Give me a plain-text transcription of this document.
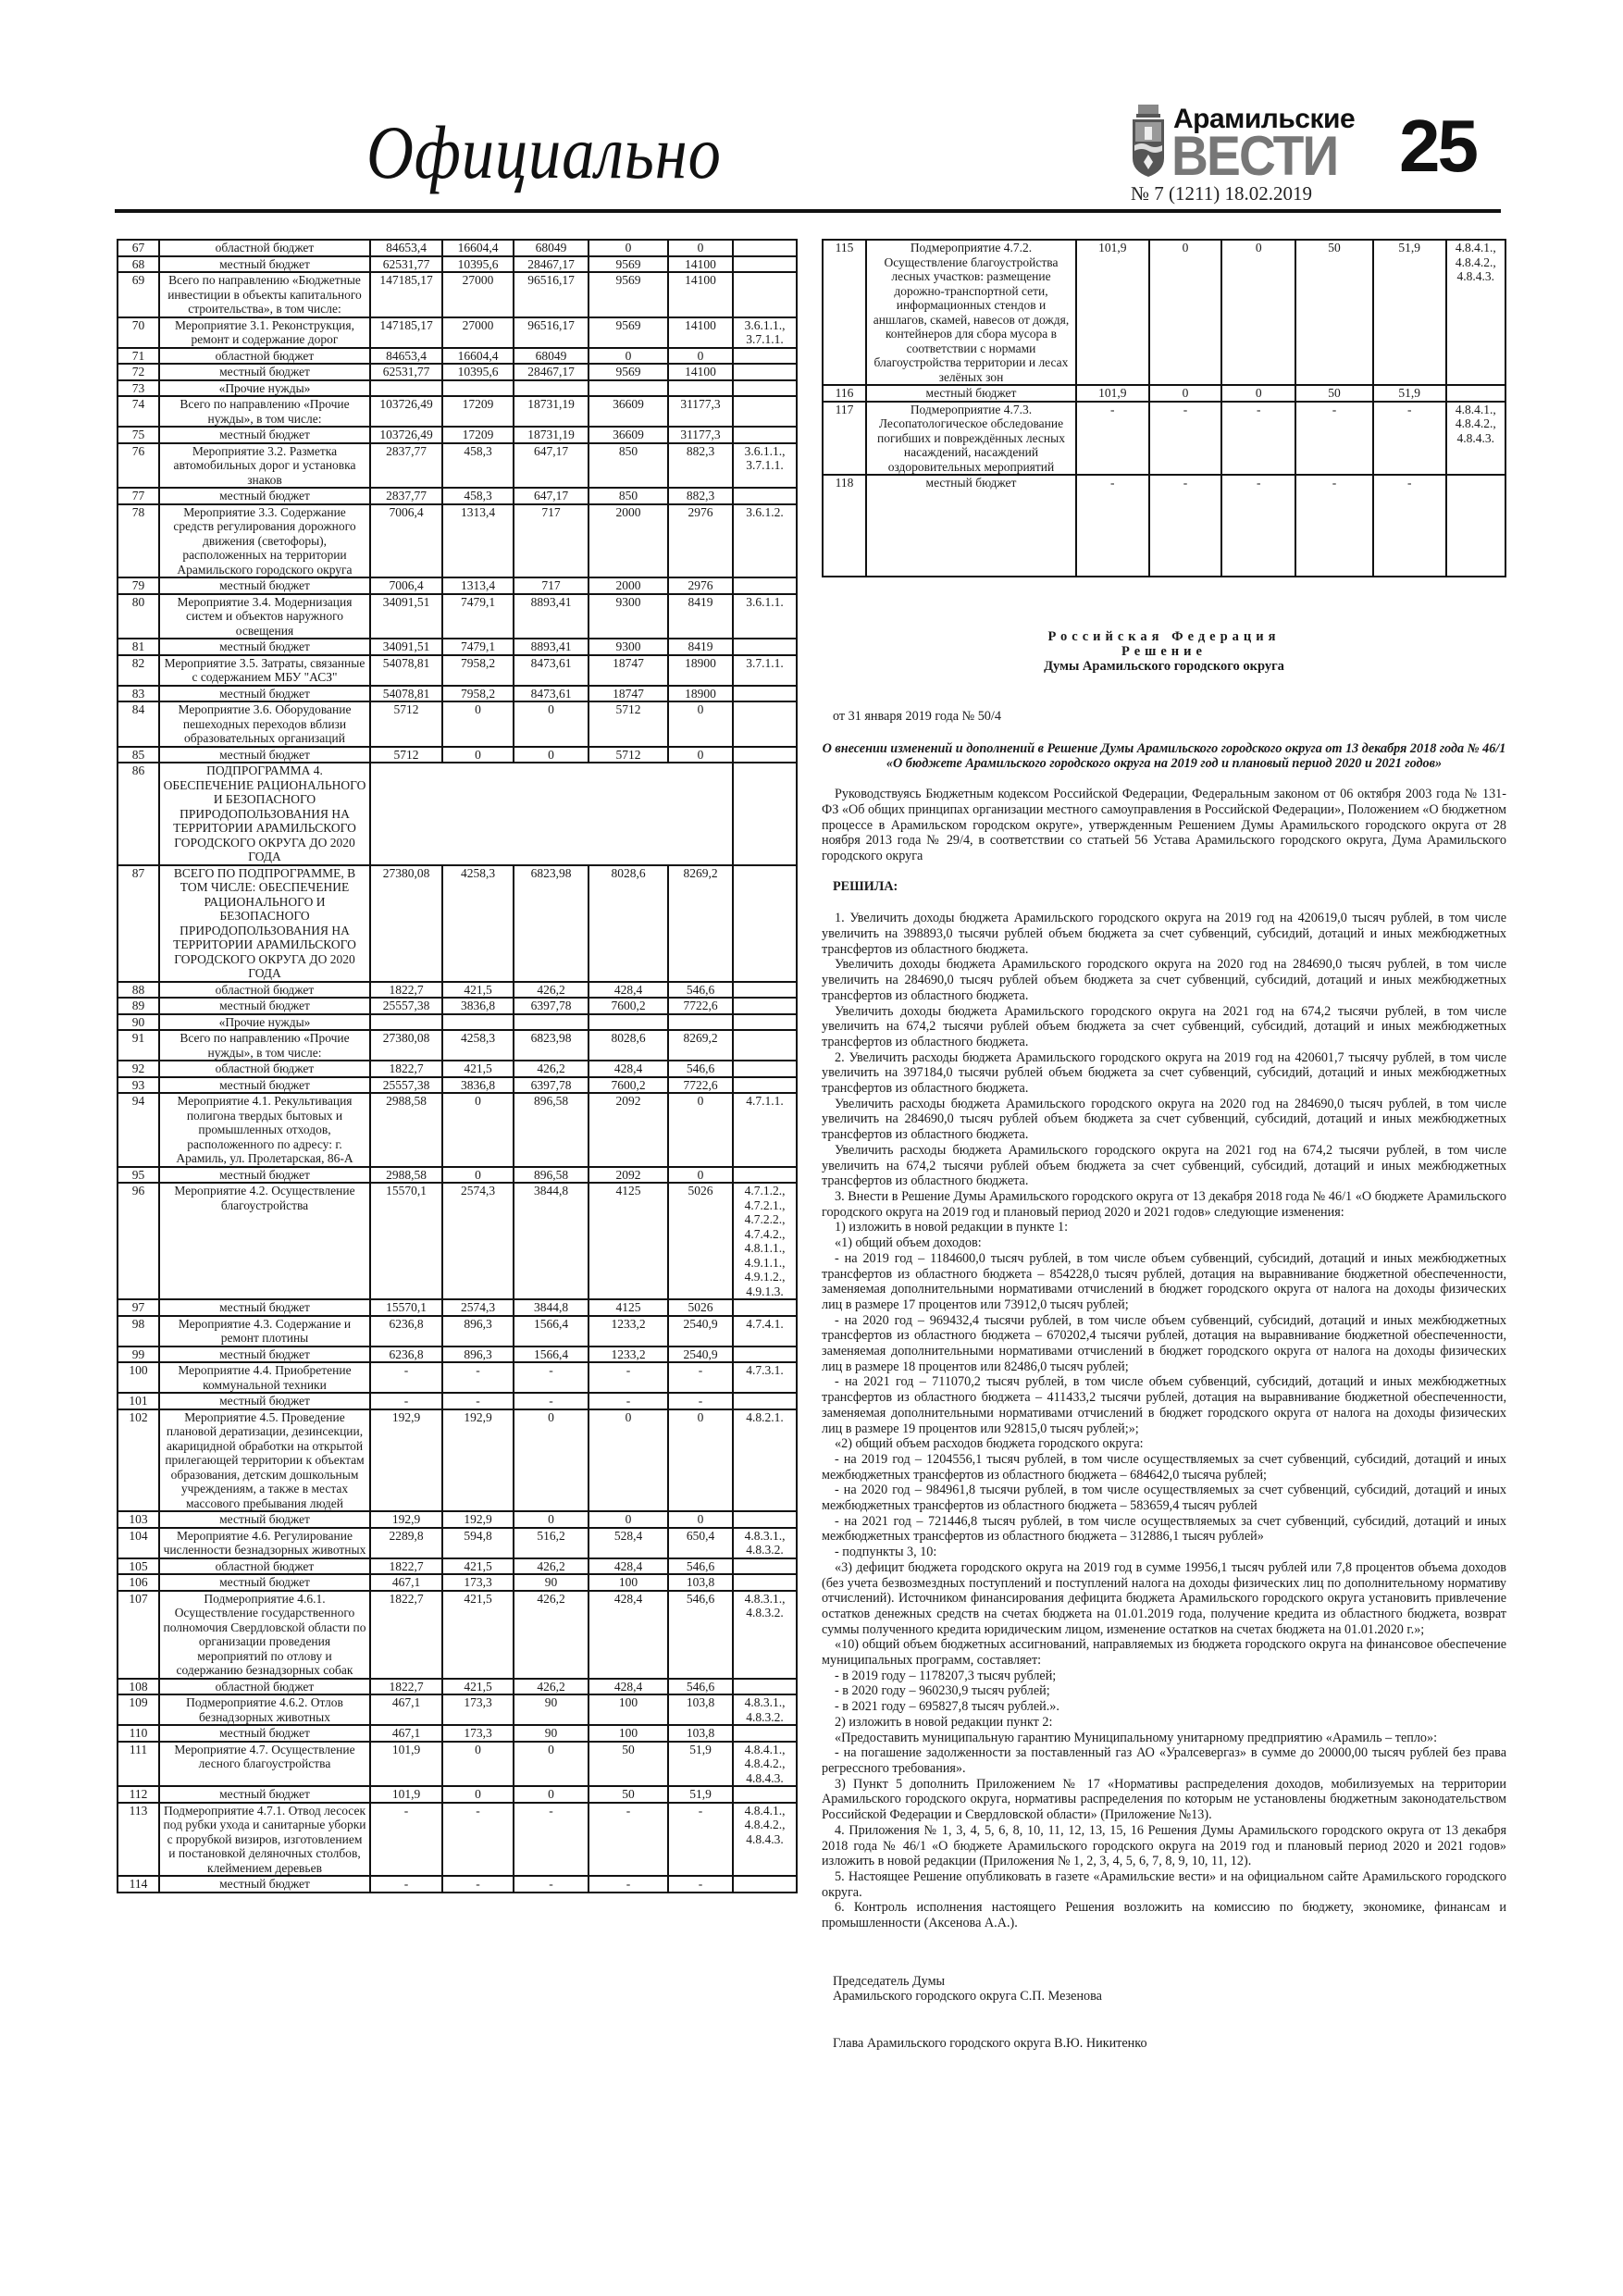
Официально	Арамильские
ВЕСТИ 25
№ 7 (1211) 18.02.2019
67	областной бюджет	84653,4	16604,4	68049	0	0	
68	местный бюджет	62531,77	10395,6	28467,17	9569	14100	
69	Всего по направлению «Бюджетные инвестиции в объекты капитального строительства», в том числе:	147185,17	27000	96516,17	9569	14100	
70	Мероприятие 3.1. Реконструкция, ремонт и содержание дорог	147185,17	27000	96516,17	9569	14100	3.6.1.1., 3.7.1.1.
71	областной бюджет	84653,4	16604,4	68049	0	0	
72	местный бюджет	62531,77	10395,6	28467,17	9569	14100	
73	«Прочие нужды»						
74	Всего по направлению «Прочие нужды», в том числе:	103726,49	17209	18731,19	36609	31177,3	
75	местный бюджет	103726,49	17209	18731,19	36609	31177,3	
76	Мероприятие 3.2. Разметка автомобильных дорог и установка знаков	2837,77	458,3	647,17	850	882,3	3.6.1.1., 3.7.1.1.
77	местный бюджет	2837,77	458,3	647,17	850	882,3	
78	Мероприятие 3.3. Содержание средств регулирования дорожного движения (светофоры), расположенных на территории Арамильского городского округа	7006,4	1313,4	717	2000	2976	3.6.1.2.
79	местный бюджет	7006,4	1313,4	717	2000	2976	
80	Мероприятие 3.4. Модернизация систем и объектов наружного освещения	34091,51	7479,1	8893,41	9300	8419	3.6.1.1.
81	местный бюджет	34091,51	7479,1	8893,41	9300	8419	
82	Мероприятие 3.5. Затраты, связанные с содержанием МБУ "АСЗ"	54078,81	7958,2	8473,61	18747	18900	3.7.1.1.
83	местный бюджет	54078,81	7958,2	8473,61	18747	18900	
84	Мероприятие 3.6. Оборудование пешеходных переходов вблизи образовательных организаций	5712	0	0	5712	0	
85	местный бюджет	5712	0	0	5712	0	
86	ПОДПРОГРАММА 4. ОБЕСПЕЧЕНИЕ РАЦИОНАЛЬНОГО И БЕЗОПАСНОГО ПРИРОДОПОЛЬЗОВАНИЯ НА ТЕРРИТОРИИ АРАМИЛЬСКОГО ГОРОДСКОГО ОКРУГА ДО 2020 ГОДА						
87	ВСЕГО ПО ПОДПРОГРАММЕ, В ТОМ ЧИСЛЕ: ОБЕСПЕЧЕНИЕ РАЦИОНАЛЬНОГО И БЕЗОПАСНОГО ПРИРОДОПОЛЬЗОВАНИЯ НА ТЕРРИТОРИИ АРАМИЛЬСКОГО ГОРОДСКОГО ОКРУГА ДО 2020 ГОДА	27380,08	4258,3	6823,98	8028,6	8269,2	
88	областной бюджет	1822,7	421,5	426,2	428,4	546,6	
89	местный бюджет	25557,38	3836,8	6397,78	7600,2	7722,6	
90	«Прочие нужды»						
91	Всего по направлению «Прочие нужды», в том числе:	27380,08	4258,3	6823,98	8028,6	8269,2	
92	областной бюджет	1822,7	421,5	426,2	428,4	546,6	
93	местный бюджет	25557,38	3836,8	6397,78	7600,2	7722,6	
94	Мероприятие 4.1. Рекультивация полигона твердых бытовых и промышленных отходов, расположенного по адресу: г. Арамиль, ул. Пролетарская, 86-А	2988,58	0	896,58	2092	0	4.7.1.1.
95	местный бюджет	2988,58	0	896,58	2092	0	
96	Мероприятие 4.2. Осуществление благоустройства	15570,1	2574,3	3844,8	4125	5026	4.7.1.2., 4.7.2.1., 4.7.2.2., 4.7.4.2., 4.8.1.1., 4.9.1.1., 4.9.1.2., 4.9.1.3.
97	местный бюджет	15570,1	2574,3	3844,8	4125	5026	
98	Мероприятие 4.3. Содержание и ремонт плотины	6236,8	896,3	1566,4	1233,2	2540,9	4.7.4.1.
99	местный бюджет	6236,8	896,3	1566,4	1233,2	2540,9	
100	Мероприятие 4.4. Приобретение коммунальной техники	-	-	-	-	-	4.7.3.1.
101	местный бюджет	-	-	-	-	-	
102	Мероприятие 4.5. Проведение плановой дератизации, дезинсекции, акарицидной обработки на открытой прилегающей территории к объектам образования, детским дошкольным учреждениям, а также в местах массового пребывания людей	192,9	192,9	0	0	0	4.8.2.1.
103	местный бюджет	192,9	192,9	0	0	0	
104	Мероприятие 4.6. Регулирование численности безнадзорных животных	2289,8	594,8	516,2	528,4	650,4	4.8.3.1., 4.8.3.2.
105	областной бюджет	1822,7	421,5	426,2	428,4	546,6	
106	местный бюджет	467,1	173,3	90	100	103,8	
107	Подмероприятие 4.6.1. Осуществление государственного полномочия Свердловской области по организации проведения мероприятий по отлову и содержанию безнадзорных собак	1822,7	421,5	426,2	428,4	546,6	4.8.3.1., 4.8.3.2.
108	областной бюджет	1822,7	421,5	426,2	428,4	546,6	
109	Подмероприятие 4.6.2. Отлов безнадзорных животных	467,1	173,3	90	100	103,8	4.8.3.1., 4.8.3.2.
110	местный бюджет	467,1	173,3	90	100	103,8	
111	Мероприятие 4.7. Осуществление лесного благоустройства	101,9	0	0	50	51,9	4.8.4.1., 4.8.4.2., 4.8.4.3.
112	местный бюджет	101,9	0	0	50	51,9	
113	Подмероприятие 4.7.1. Отвод лесосек под рубки ухода и санитарные уборки с прорубкой визиров, изготовлением и постановкой деляночных столбов, клеймением деревьев	-	-	-	-	-	4.8.4.1., 4.8.4.2., 4.8.4.3.
114	местный бюджет	-	-	-	-	-	
115	Подмероприятие 4.7.2. Осуществление благоустройства лесных участков: размещение дорожно-транспортной сети, информационных стендов и аншлагов, скамей, навесов от дождя, контейнеров для сбора мусора в соответствии с нормами благоустройства территории и лесах зелёных зон	101,9	0	0	50	51,9	4.8.4.1., 4.8.4.2., 4.8.4.3.
116	местный бюджет	101,9	0	0	50	51,9	
117	Подмероприятие 4.7.3. Лесопатологическое обследование погибших и повреждённых лесных насаждений, насаждений оздоровительных мероприятий	-	-	-	-	-	4.8.4.1., 4.8.4.2., 4.8.4.3.
118	местный бюджет	-	-	-	-	-	
Российская Федерация
Решение
Думы Арамильского городского округа
от 31 января 2019 года № 50/4
О внесении изменений и дополнений в Решение Думы Арамильского городского округа от 13 декабря 2018 года № 46/1 «О бюджете Арамильского городского округа на 2019 год и плановый период 2020 и 2021 годов»

Руководствуясь Бюджетным кодексом Российской Федерации, Федеральным законом от 06 октября 2003 года № 131-ФЗ «Об общих принципах организации местного самоуправления в Российской Федерации», Положением «О бюджетном процессе в Арамильском городском округе», утвержденным Решением Думы Арамильского городского округа от 28 ноября 2013 года № 29/4, в соответствии со статьей 56 Устава Арамильского городского округа, Дума Арамильского городского округа

РЕШИЛА:

1. Увеличить доходы бюджета Арамильского городского округа на 2019 год на 420619,0 тысяч рублей, в том числе увеличить на 398893,0 тысячи рублей объем бюджета за счет субвенций, субсидий, дотаций и иных межбюджетных трансфертов из областного бюджета.

Увеличить доходы бюджета Арамильского городского округа на 2020 год на 284690,0 тысяч рублей, в том числе увеличить на 284690,0 тысяч рублей объем бюджета за счет субвенций, субсидий, дотаций и иных межбюджетных трансфертов из областного бюджета.

Увеличить доходы бюджета Арамильского городского округа на 2021 год на 674,2 тысячи рублей, в том числе увеличить на 674,2 тысячи рублей объем бюджета за счет субвенций, субсидий, дотаций и иных межбюджетных трансфертов из областного бюджета.

2. Увеличить расходы бюджета Арамильского городского округа на 2019 год на 420601,7 тысячу рублей, в том числе увеличить на 397184,0 тысячи рублей объем бюджета за счет субвенций, субсидий, дотаций и иных межбюджетных трансфертов из областного бюджета.

Увеличить расходы бюджета Арамильского городского округа на 2020 год на 284690,0 тысяч рублей, в том числе увеличить на 284690,0 тысяч рублей объем бюджета за счет субвенций, субсидий, дотаций и иных межбюджетных трансфертов из областного бюджета.

Увеличить расходы бюджета Арамильского городского округа на 2021 год на 674,2 тысячи рублей, в том числе увеличить на 674,2 тысячи рублей объем бюджета за счет субвенций, субсидий, дотаций и иных межбюджетных трансфертов из областного бюджета.

3. Внести в Решение Думы Арамильского городского округа от 13 декабря 2018 года № 46/1 «О бюджете Арамильского городского округа на 2019 год и плановый период 2020 и 2021 годов» следующие изменения:

1) изложить в новой редакции в пункте 1:

«1) общий объем доходов:

- на 2019 год – 1184600,0 тысяч рублей, в том числе объем субвенций, субсидий, дотаций и иных межбюджетных трансфертов из областного бюджета – 854228,0 тысяч рублей, дотация на выравнивание бюджетной обеспеченности, заменяемая дополнительными нормативами отчислений в бюджет городского округа от налога на доходы физических лиц в размере 17 процентов или 73912,0 тысяч рублей;

- на 2020 год – 969432,4 тысячи рублей, в том числе объем субвенций, субсидий, дотаций и иных межбюджетных трансфертов из областного бюджета – 670202,4 тысячи рублей, дотация на выравнивание бюджетной обеспеченности, заменяемая дополнительными нормативами отчислений в бюджет городского округа от налога на доходы физических лиц в размере 18 процентов или 82486,0 тысяч рублей;

- на 2021 год – 711070,2 тысяч рублей, в том числе объем субвенций, субсидий, дотаций и иных межбюджетных трансфертов из областного бюджета – 411433,2 тысячи рублей, дотация на выравнивание бюджетной обеспеченности, заменяемая дополнительными нормативами отчислений в бюджет городского округа от налога на доходы физических лиц в размере 19 процентов или 92815,0 тысяч рублей;»;

«2) общий объем расходов бюджета городского округа:

- на 2019 год – 1204556,1 тысяч рублей, в том числе осуществляемых за счет субвенций, субсидий, дотаций и иных межбюджетных трансфертов из областного бюджета – 684642,0 тысяча рублей;

- на 2020 год – 984961,8 тысячи рублей, в том числе осуществляемых за счет субвенций, субсидий, дотаций и иных межбюджетных трансфертов из областного бюджета – 583659,4 тысяч рублей

- на 2021 год – 721446,8 тысяч рублей, в том числе осуществляемых за счет субвенций, субсидий, дотаций и иных межбюджетных трансфертов из областного бюджета – 312886,1 тысяч рублей»

- подпункты 3, 10:

«3) дефицит бюджета городского округа на 2019 год в сумме 19956,1 тысяч рублей или 7,8 процентов объема доходов (без учета безвозмездных поступлений и поступлений налога на доходы физических лиц по дополнительному нормативу отчислений). Источником финансирования дефицита бюджета Арамильского городского округа установить привлечение остатков денежных средств на счетах бюджета на 01.01.2019 года, получение кредита из областного бюджета, возврат суммы полученного кредита юридическим лицом, изменение остатков на счетах бюджета на 01.01.2020 г.»;

«10) общий объем бюджетных ассигнований, направляемых из бюджета городского округа на финансовое обеспечение муниципальных программ, составляет:

- в 2019 году – 1178207,3 тысяч рублей;

- в 2020 году – 960230,9 тысяч рублей;

- в 2021 году – 695827,8 тысяч рублей.».

2) изложить в новой редакции пункт 2:

«Предоставить муниципальную гарантию Муниципальному унитарному предприятию «Арамиль – тепло»:

- на погашение задолженности за поставленный газ АО «Уралсевергаз» в сумме до 20000,00 тысяч рублей без права регрессного требования».

3) Пункт 5 дополнить Приложением № 17 «Нормативы распределения доходов, мобилизуемых на территории Арамильского городского округа, нормативы распределения по которым не установлены бюджетным законодательством Российской Федерации и Свердловской области» (Приложение №13).

4. Приложения № 1, 3, 4, 5, 6, 8, 10, 11, 12, 13, 15, 16 Решения Думы Арамильского городского округа от 13 декабря 2018 года № 46/1 «О бюджете Арамильского городского округа на 2019 год и плановый период 2020 и 2021 годов» изложить в новой редакции (Приложения № 1, 2, 3, 4, 5, 6, 7, 8, 9, 10, 11, 12).

5. Настоящее Решение опубликовать в газете «Арамильские вести» и на официальном сайте Арамильского городского округа.

6. Контроль исполнения настоящего Решения возложить на комиссию по бюджету, экономике, финансам и промышленности (Аксенова А.А.).

Председатель Думы
Арамильского городского округа С.П. Мезенова
Глава Арамильского городского округа В.Ю. Никитенко
